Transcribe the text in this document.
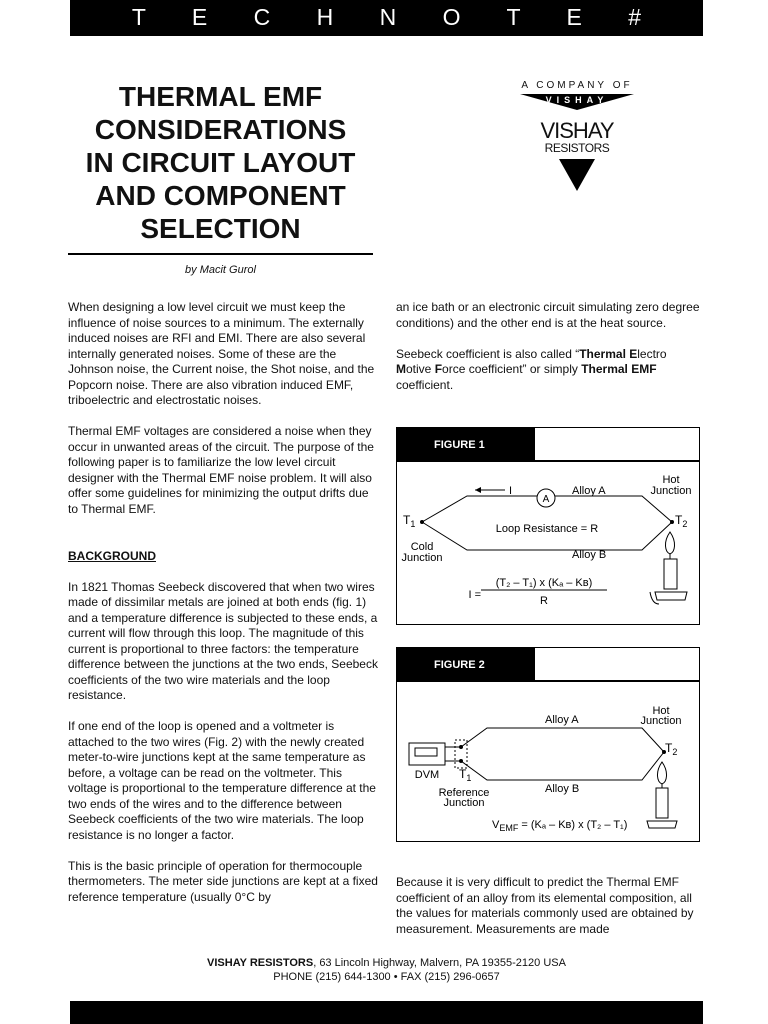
T E C H N O T E # 26
THERMAL EMF
CONSIDERATIONS
IN CIRCUIT LAYOUT
AND COMPONENT
SELECTION
by Macit Gurol
A COMPANY OF
VISHAY
VISHAY
RESISTORS

When designing a low level circuit we must keep the influence of noise sources to a minimum. The externally induced noises are RFI and EMI. There are also several internally generated noises. Some of these are the Johnson noise, the Current noise, the Shot noise, and the Popcorn noise. There are also vibration induced EMF, triboelectric and electrostatic noises.

Thermal EMF voltages are considered a noise when they occur in unwanted areas of the circuit. The purpose of the following paper is to familiarize the low level circuit designer with the Thermal EMF noise problem. It will also offer some guidelines for minimizing the output drifts due to Thermal EMF.

BACKGROUND

In 1821 Thomas Seebeck discovered that when two wires made of dissimilar metals are joined at both ends (fig. 1) and a temperature difference is subjected to these ends, a current will flow through this loop. The magnitude of this current is proportional to three factors: the temperature difference between the junctions at the two ends, Seebeck coefficients of the two wire materials and the loop resistance.

If one end of the loop is opened and a voltmeter is attached to the two wires (Fig. 2) with the newly created meter-to-wire junctions kept at the same temperature as before, a voltage can be read on the voltmeter. This voltage is proportional to the temperature difference at the two ends of the wires and to the difference between Seebeck coefficients of the two wire materials. The loop resistance is no longer a factor.

This is the basic principle of operation for thermocouple thermometers. The meter side junctions are kept at a fixed reference temperature (usually 0°C by

an ice bath or an electronic circuit simulating zero degree conditions) and the other end is at the heat source.

Seebeck coefficient is also called “Thermal Electro Motive Force coefficient” or simply Thermal EMF coefficient.

FIGURE 1
I
A
Alloy A
Alloy B
Hot
Junction
Cold
Junction
$T_1$	$T_2$
Loop Resistance = R
I =
(T₂ – T₁) x (Kₐ – Kʙ)
R
FIGURE 2
Alloy A
Alloy B
Hot
Junction
DVM $T_1$
$T_2$
Reference
Junction
$V_{EMF} = (K_a$ – Kʙ) x (T₂ – T₁)

Because it is very difficult to predict the Thermal EMF coefficient of an alloy from its elemental composition, all the values for materials commonly used are obtained by measurement. Measurements are made

VISHAY RESISTORS, 63 Lincoln Highway, Malvern, PA 19355-2120 USA
PHONE (215) 644-1300 • FAX (215) 296-0657
